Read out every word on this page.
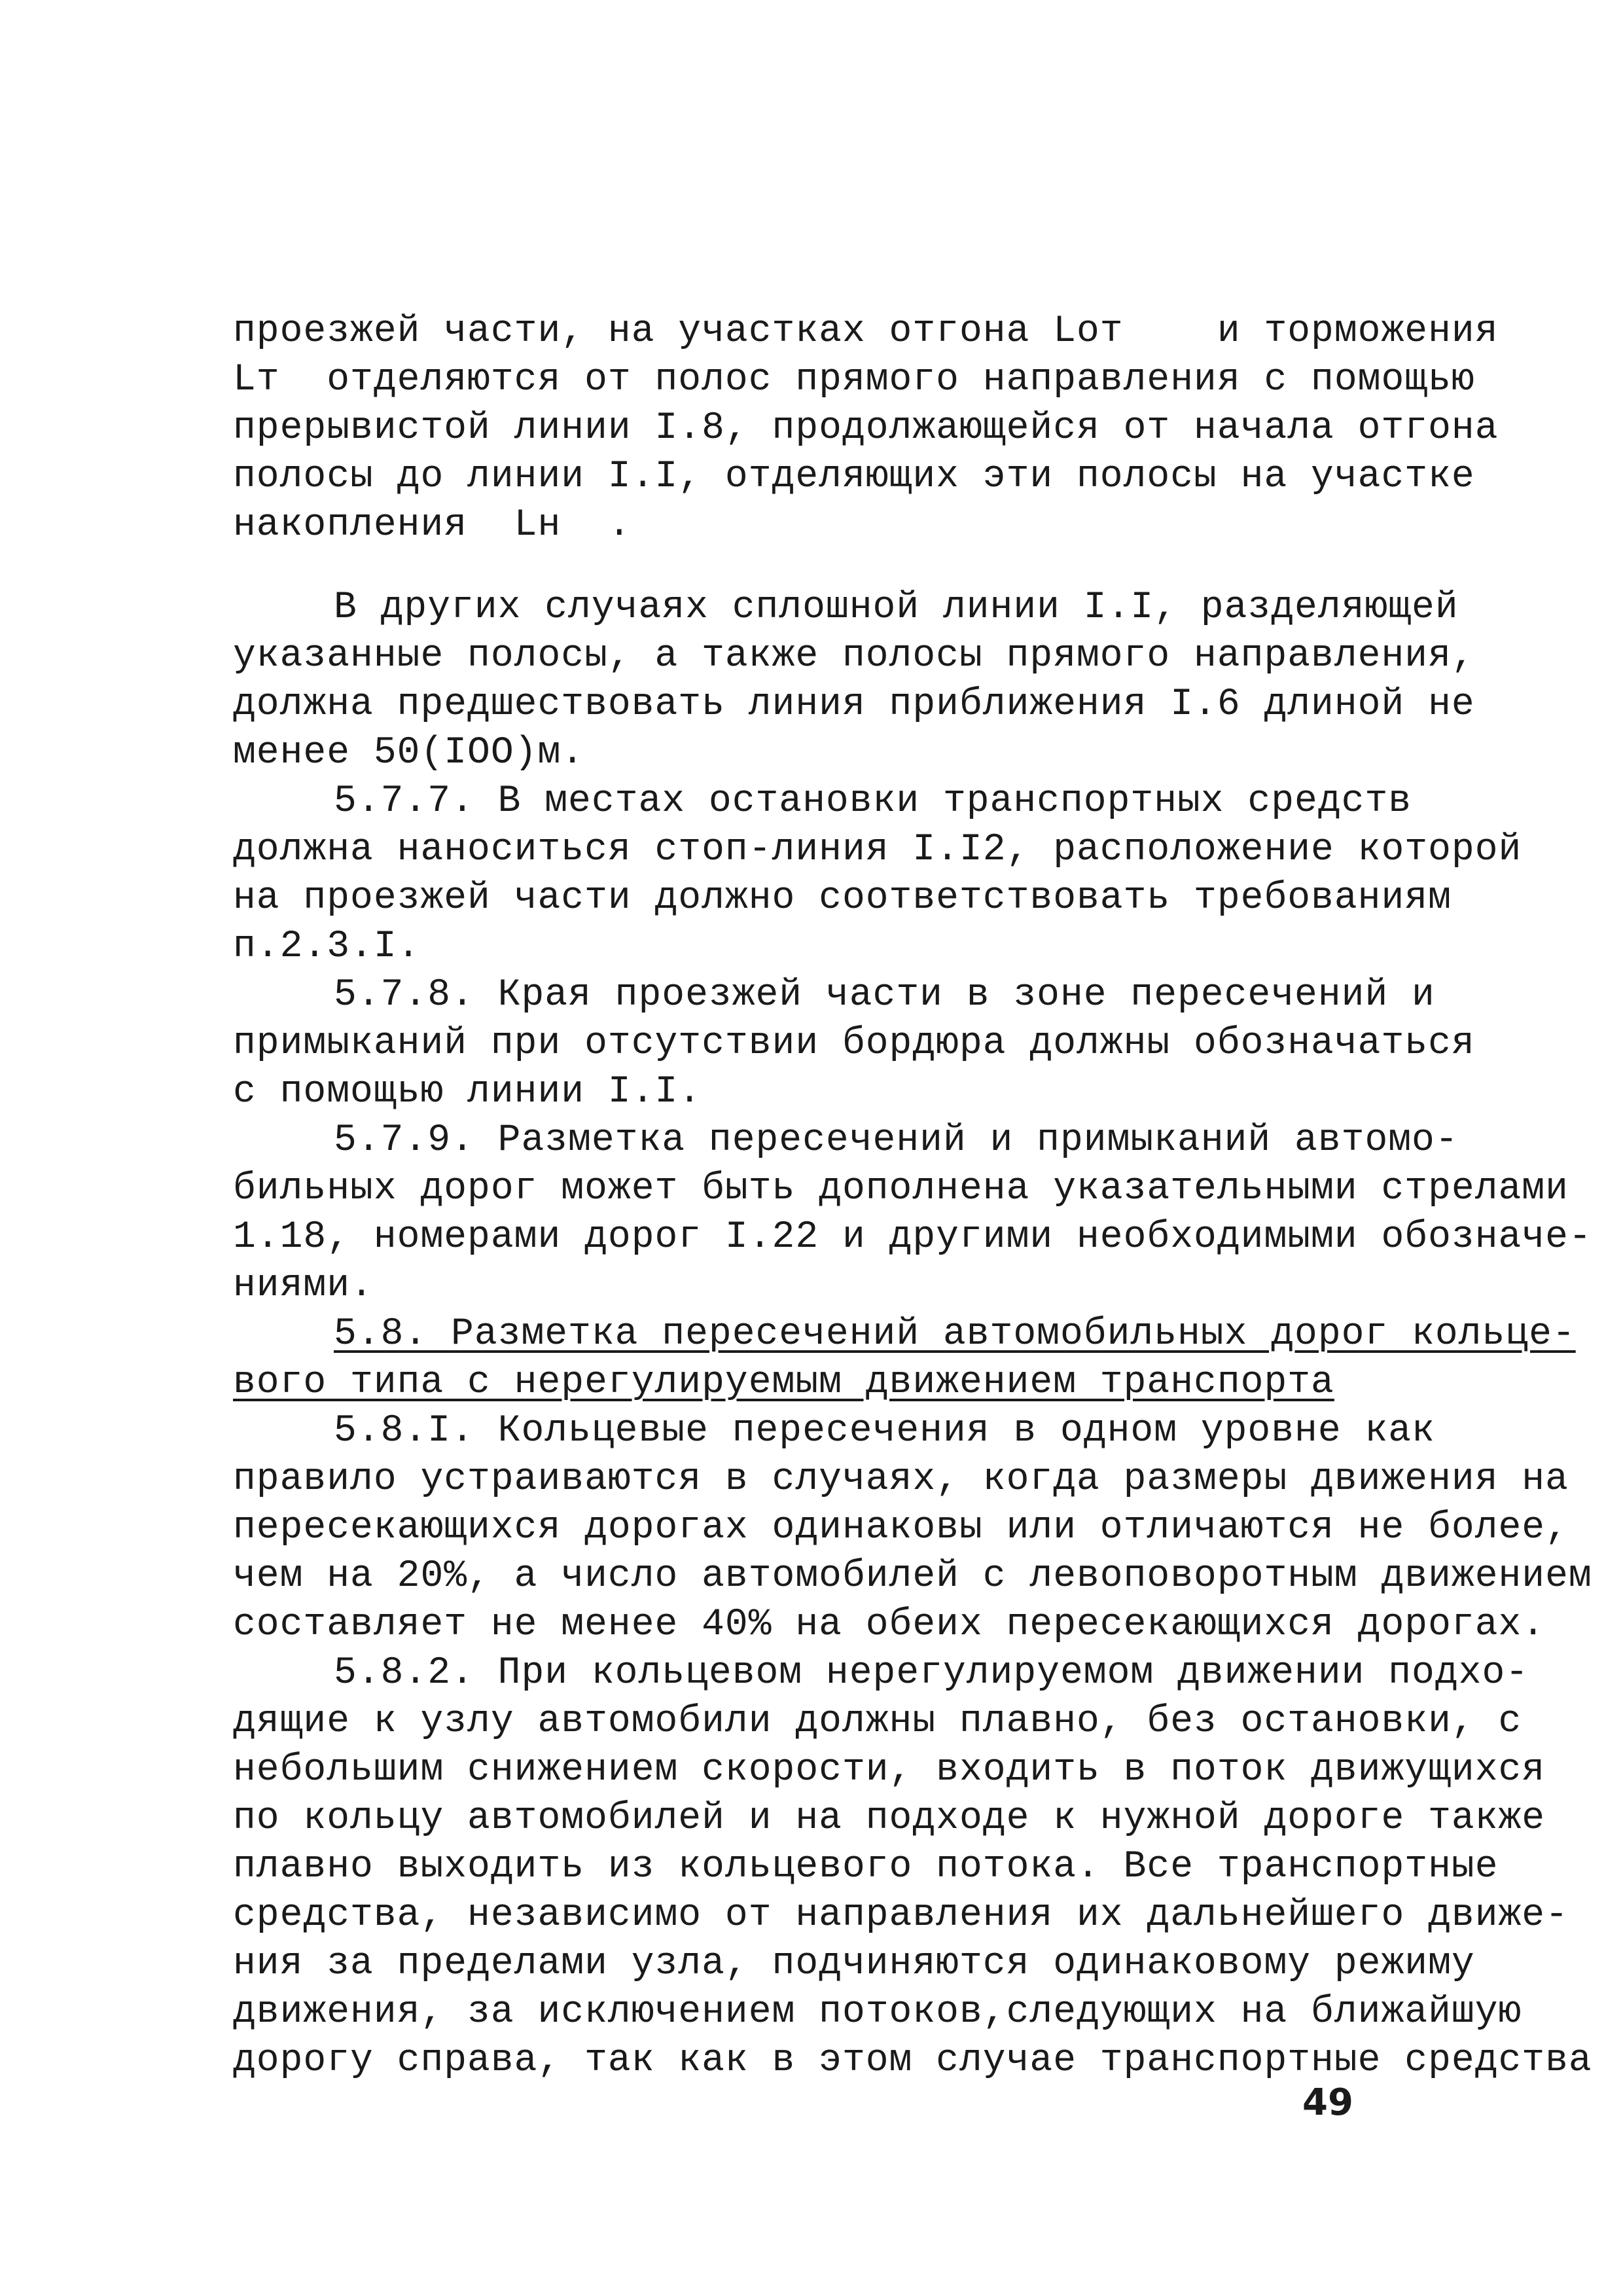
проезжей части, на участках отгона Lот    и торможения
Lт  отделяются от полос прямого направления с помощью
прерывистой линии I.8, продолжающейся от начала отгона
полосы до линии I.I, отделяющих эти полосы на участке
накопления  Lн  .
В других случаях сплошной линии I.I, разделяющей
указанные полосы, а также полосы прямого направления,
должна предшествовать линия приближения I.6 длиной не
менее 50(IOO)м.
5.7.7. В местах остановки транспортных средств
должна наноситься стоп-линия I.I2, расположение которой
на проезжей части должно соответствовать требованиям
п.2.3.I.
5.7.8. Края проезжей части в зоне пересечений и
примыканий при отсутствии бордюра должны обозначаться
с помощью линии I.I.
5.7.9. Разметка пересечений и примыканий автомо-
бильных дорог может быть дополнена указательными стрелами
1.18, номерами дорог I.22 и другими необходимыми обозначе-
ниями.
5.8. Разметка пересечений автомобильных дорог кольце-
вого типа с нерегулируемым движением транспорта
5.8.I. Кольцевые пересечения в одном уровне как
правило устраиваются в случаях, когда размеры движения на
пересекающихся дорогах одинаковы или отличаются не более,
чем на 20%, а число автомобилей с левоповоротным движением
составляет не менее 40% на обеих пересекающихся дорогах.
5.8.2. При кольцевом нерегулируемом движении подхо-
дящие к узлу автомобили должны плавно, без остановки, с
небольшим снижением скорости, входить в поток движущихся
по кольцу автомобилей и на подходе к нужной дороге также
плавно выходить из кольцевого потока. Все транспортные
средства, независимо от направления их дальнейшего движе-
ния за пределами узла, подчиняются одинаковому режиму
движения, за исключением потоков,следующих на ближайшую
дорогу справа, так как в этом случае транспортные средства
49
